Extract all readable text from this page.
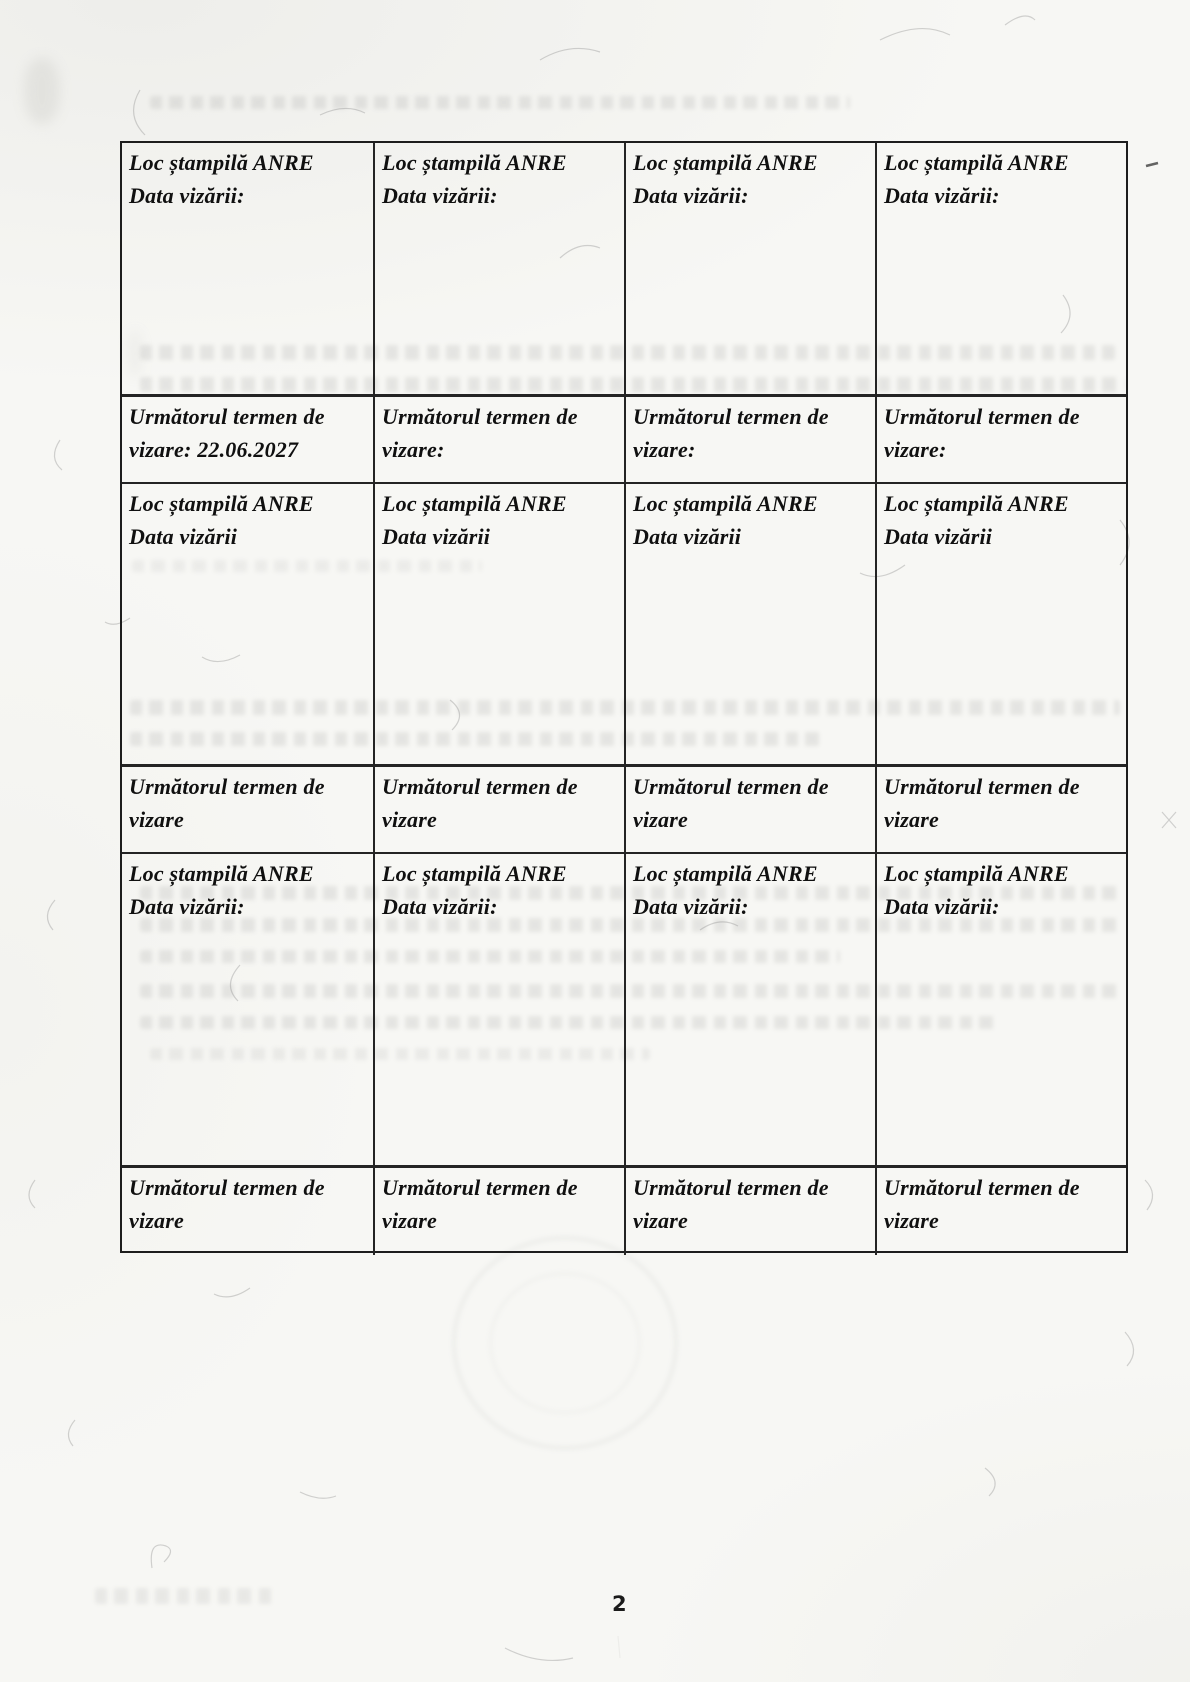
Loc ștampilă ANRE
Data vizării:
Loc ștampilă ANRE
Data vizării:
Loc ștampilă ANRE
Data vizării:
Loc ștampilă ANRE
Data vizării:
Următorul termen de
vizare: 22.06.2027
Următorul termen de
vizare:
Următorul termen de
vizare:
Următorul termen de
vizare:
Loc ștampilă ANRE
Data vizării
Loc ștampilă ANRE
Data vizării
Loc ștampilă ANRE
Data vizării
Loc ștampilă ANRE
Data vizării
Următorul termen de
vizare
Următorul termen de
vizare
Următorul termen de
vizare
Următorul termen de
vizare
Loc ștampilă ANRE
Data vizării:
Loc ștampilă ANRE
Data vizării:
Loc ștampilă ANRE
Data vizării:
Loc ștampilă ANRE
Data vizării:
Următorul termen de
vizare
Următorul termen de
vizare
Următorul termen de
vizare
Următorul termen de
vizare
2
